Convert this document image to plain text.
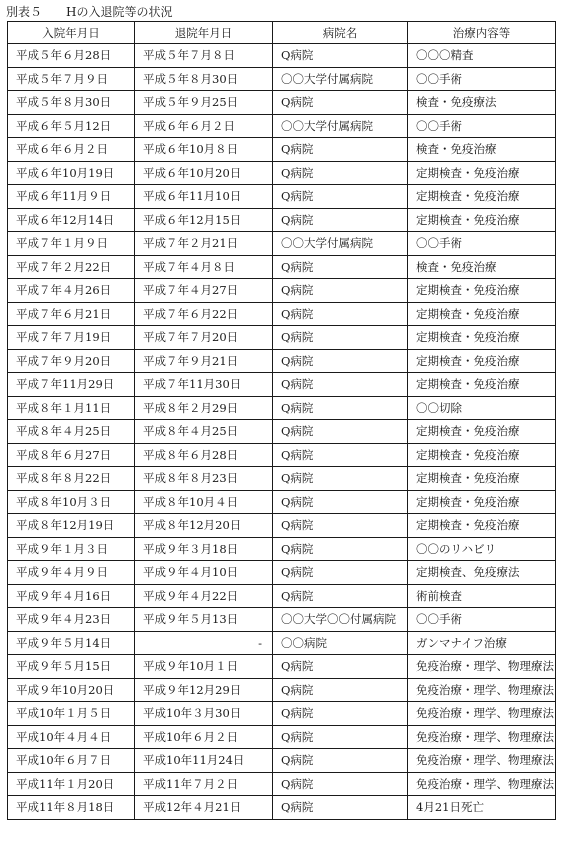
別表５　　Hの入退院等の状況
入院年月日	退院年月日	病院名	治療内容等
平成５年６月28日	平成５年７月８日	Q病院	〇〇〇精査
平成５年７月９日	平成５年８月30日	〇〇大学付属病院	〇〇手術
平成５年８月30日	平成５年９月25日	Q病院	検査・免疫療法
平成６年５月12日	平成６年６月２日	〇〇大学付属病院	〇〇手術
平成６年６月２日	平成６年10月８日	Q病院	検査・免疫治療
平成６年10月19日	平成６年10月20日	Q病院	定期検査・免疫治療
平成６年11月９日	平成６年11月10日	Q病院	定期検査・免疫治療
平成６年12月14日	平成６年12月15日	Q病院	定期検査・免疫治療
平成７年１月９日	平成７年２月21日	〇〇大学付属病院	〇〇手術
平成７年２月22日	平成７年４月８日	Q病院	検査・免疫治療
平成７年４月26日	平成７年４月27日	Q病院	定期検査・免疫治療
平成７年６月21日	平成７年６月22日	Q病院	定期検査・免疫治療
平成７年７月19日	平成７年７月20日	Q病院	定期検査・免疫治療
平成７年９月20日	平成７年９月21日	Q病院	定期検査・免疫治療
平成７年11月29日	平成７年11月30日	Q病院	定期検査・免疫治療
平成８年１月11日	平成８年２月29日	Q病院	〇〇切除
平成８年４月25日	平成８年４月25日	Q病院	定期検査・免疫治療
平成８年６月27日	平成８年６月28日	Q病院	定期検査・免疫治療
平成８年８月22日	平成８年８月23日	Q病院	定期検査・免疫治療
平成８年10月３日	平成８年10月４日	Q病院	定期検査・免疫治療
平成８年12月19日	平成８年12月20日	Q病院	定期検査・免疫治療
平成９年１月３日	平成９年３月18日	Q病院	〇〇のリハビリ
平成９年４月９日	平成９年４月10日	Q病院	定期検査、免疫療法
平成９年４月16日	平成９年４月22日	Q病院	術前検査
平成９年４月23日	平成９年５月13日	〇〇大学〇〇付属病院	〇〇手術
平成９年５月14日	-	〇〇病院	ガンマナイフ治療
平成９年５月15日	平成９年10月１日	Q病院	免疫治療・理学、物理療法
平成９年10月20日	平成９年12月29日	Q病院	免疫治療・理学、物理療法
平成10年１月５日	平成10年３月30日	Q病院	免疫治療・理学、物理療法
平成10年４月４日	平成10年６月２日	Q病院	免疫治療・理学、物理療法
平成10年６月７日	平成10年11月24日	Q病院	免疫治療・理学、物理療法
平成11年１月20日	平成11年７月２日	Q病院	免疫治療・理学、物理療法
平成11年８月18日	平成12年４月21日	Q病院	4月21日死亡
